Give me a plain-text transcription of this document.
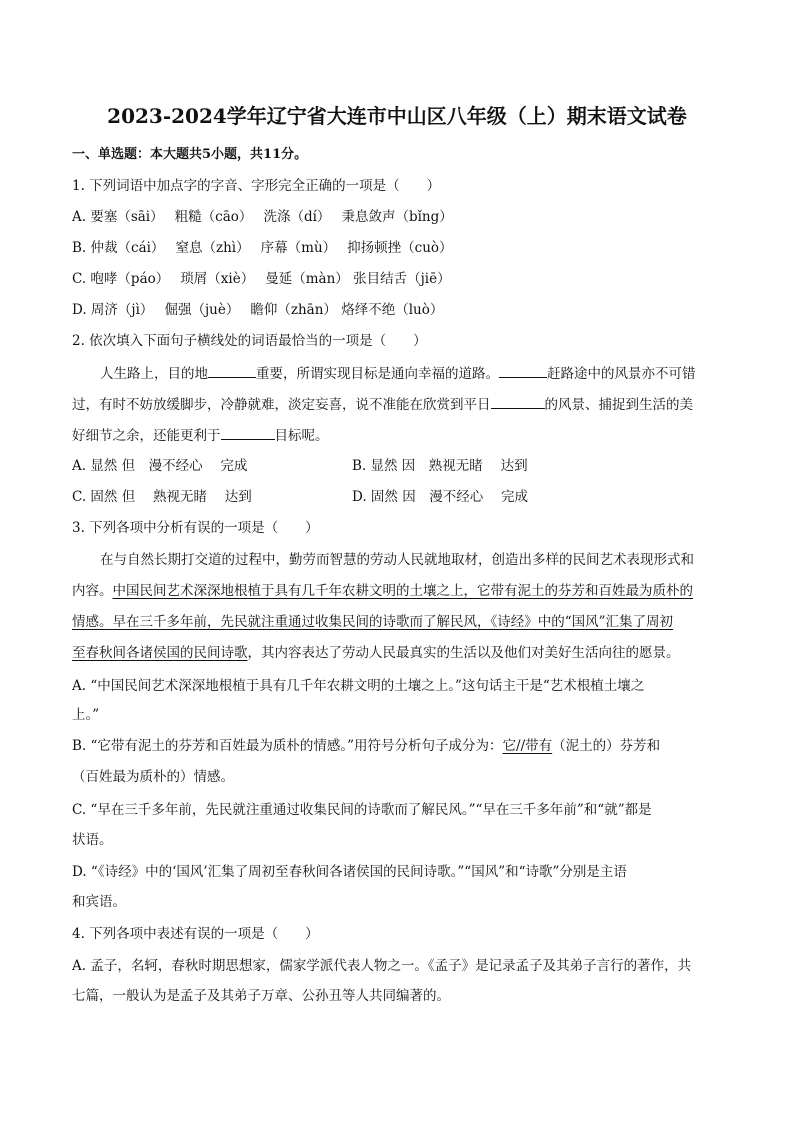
2023-2024学年辽宁省大连市中山区八年级（上）期末语文试卷
一、单选题：本大题共5小题，共11分。
1. 下列词语中加点字的字音、字形完全正确的一项是（　　）
A. 要塞（sāi）　 粗糙（cāo）　 洗涤（dí）　 秉息敛声（bǐng）
B. 仲裁（cái）　 窒息（zhì）　 序幕（mù）　 抑扬顿挫（cuò）
C. 咆哮（páo）　 琐屑（xiè）　 曼延（màn） 张目结舌（jiē）
D. 周济（jì）　 倔强（juè）　 瞻仰（zhān） 烙绎不绝（luò）
2. 依次填入下面句子横线处的词语最恰当的一项是（　　）
人生路上，目的地	重要，所谓实现目标是通向幸福的道路。	赶路途中的风景亦不可错
过，有时不妨放缓脚步，冷静就难，淡定妄喜，说不准能在欣赏到平日	的风景、捕捉到生活的美
好细节之余，还能更利于	目标呢。
A. 显然 但　漫不经心　 完成	B. 显然 因　熟视无睹　 达到
C. 固然 但　 熟视无睹　 达到	D. 固然 因　漫不经心　 完成
3. 下列各项中分析有误的一项是（　　）
在与自然长期打交道的过程中，勤劳而智慧的劳动人民就地取材，创造出多样的民间艺术表现形式和
内容。中国民间艺术深深地根植于具有几千年农耕文明的土壤之上，它带有泥土的芬芳和百姓最为质朴的
情感。早在三千多年前，先民就注重通过收集民间的诗歌而了解民风，《诗经》中的“国风”汇集了周初
至春秋间各诸侯国的民间诗歌，其内容表达了劳动人民最真实的生活以及他们对美好生活向往的愿景。
A. “中国民间艺术深深地根植于具有几千年农耕文明的土壤之上。”这句话主干是“艺术根植土壤之
上。”
B. “它带有泥土的芬芳和百姓最为质朴的情感。”用符号分析句子成分为：它//带有（泥土的）芬芳和
（百姓最为质朴的）情感。
C. “早在三千多年前，先民就注重通过收集民间的诗歌而了解民风。”“早在三千多年前”和“就”都是
状语。
D. “《诗经》中的‘国风’汇集了周初至春秋间各诸侯国的民间诗歌。”“国风”和“诗歌”分别是主语
和宾语。
4. 下列各项中表述有误的一项是（　　）
A. 孟子，名轲，春秋时期思想家，儒家学派代表人物之一。《孟子》是记录孟子及其弟子言行的著作，共
七篇，一般认为是孟子及其弟子万章、公孙丑等人共同编著的。
